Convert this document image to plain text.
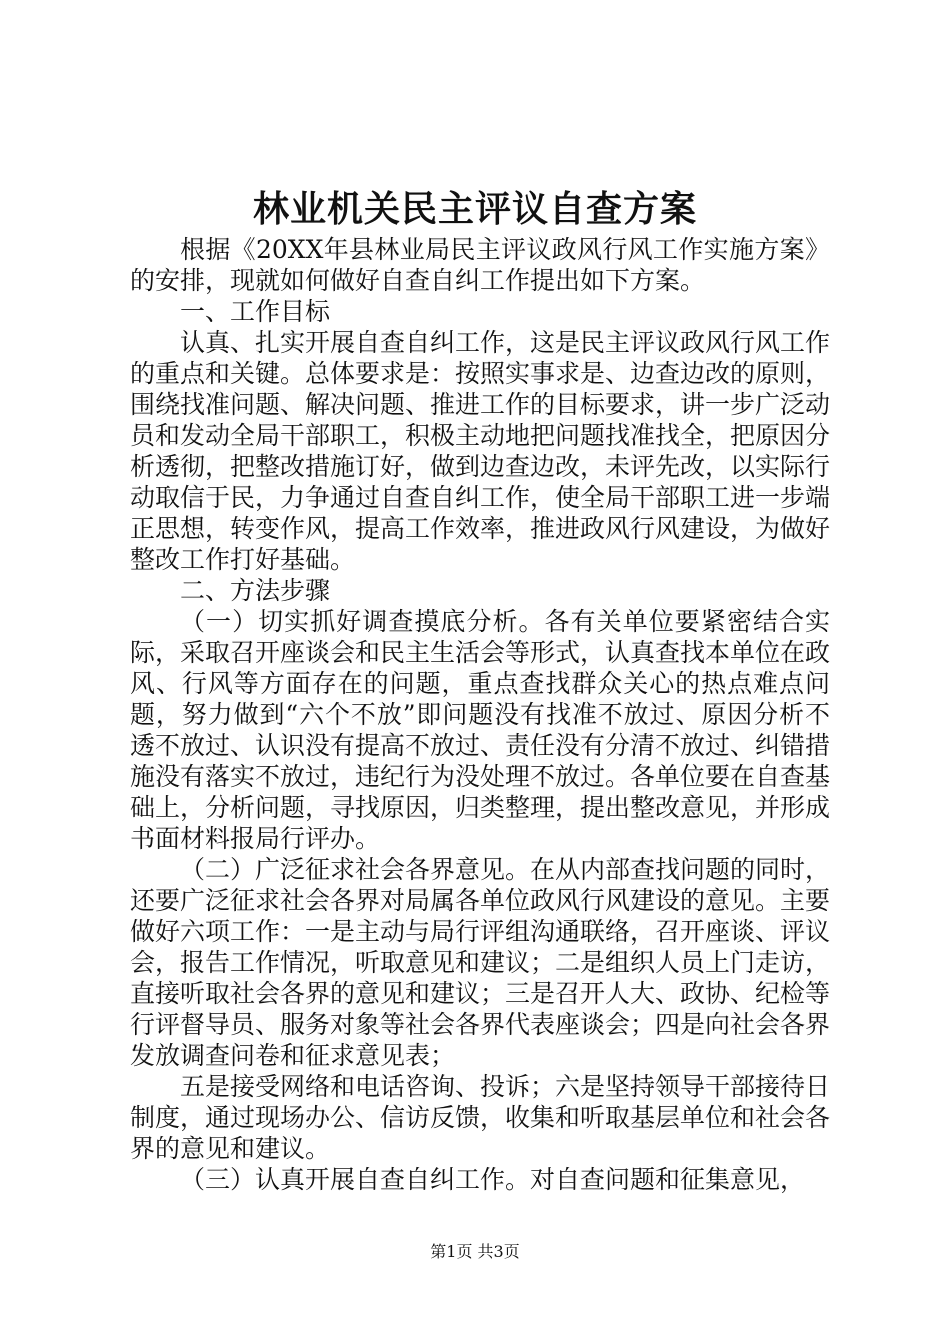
林业机关民主评议自查方案

根据《20XX年县林业局民主评议政风行风工作实施方案》的安排，现就如何做好自查自纠工作提出如下方案。

一、工作目标

认真、扎实开展自查自纠工作，这是民主评议政风行风工作的重点和关键。总体要求是：按照实事求是、边查边改的原则，围绕找准问题、解决问题、推进工作的目标要求，讲一步广泛动员和发动全局干部职工，积极主动地把问题找准找全，把原因分析透彻，把整改措施订好，做到边查边改，未评先改，以实际行动取信于民，力争通过自查自纠工作，使全局干部职工进一步端正思想，转变作风，提高工作效率，推进政风行风建设，为做好整改工作打好基础。

二、方法步骤

（一）切实抓好调查摸底分析。各有关单位要紧密结合实际，采取召开座谈会和民主生活会等形式，认真查找本单位在政风、行风等方面存在的问题，重点查找群众关心的热点难点问题，努力做到“六个不放”即问题没有找准不放过、原因分析不透不放过、认识没有提高不放过、责任没有分清不放过、纠错措施没有落实不放过，违纪行为没处理不放过。各单位要在自查基础上，分析问题，寻找原因，归类整理，提出整改意见，并形成书面材料报局行评办。

（二）广泛征求社会各界意见。在从内部查找问题的同时，还要广泛征求社会各界对局属各单位政风行风建设的意见。主要做好六项工作：一是主动与局行评组沟通联络，召开座谈、评议会，报告工作情况，听取意见和建议；二是组织人员上门走访，直接听取社会各界的意见和建议；三是召开人大、政协、纪检等行评督导员、服务对象等社会各界代表座谈会；四是向社会各界发放调查问卷和征求意见表；

五是接受网络和电话咨询、投诉；六是坚持领导干部接待日制度，通过现场办公、信访反馈，收集和听取基层单位和社会各界的意见和建议。

（三）认真开展自查自纠工作。对自查问题和征集意见，

第1页 共3页
